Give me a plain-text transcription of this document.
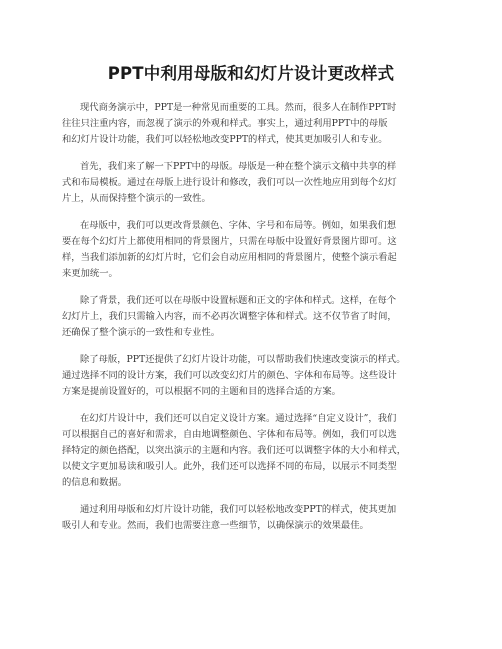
PPT中利用母版和幻灯片设计更改样式

现代商务演示中，PPT是一种常见而重要的工具。然而，很多人在制作PPT时
往往只注重内容，而忽视了演示的外观和样式。事实上，通过利用PPT中的母版
和幻灯片设计功能，我们可以轻松地改变PPT的样式，使其更加吸引人和专业。

首先，我们来了解一下PPT中的母版。母版是一种在整个演示文稿中共享的样
式和布局模板。通过在母版上进行设计和修改，我们可以一次性地应用到每个幻灯
片上，从而保持整个演示的一致性。

在母版中，我们可以更改背景颜色、字体、字号和布局等。例如，如果我们想
要在每个幻灯片上都使用相同的背景图片，只需在母版中设置好背景图片即可。这
样，当我们添加新的幻灯片时，它们会自动应用相同的背景图片，使整个演示看起
来更加统一。

除了背景，我们还可以在母版中设置标题和正文的字体和样式。这样，在每个
幻灯片上，我们只需输入内容，而不必再次调整字体和样式。这不仅节省了时间，
还确保了整个演示的一致性和专业性。

除了母版，PPT还提供了幻灯片设计功能，可以帮助我们快速改变演示的样式。
通过选择不同的设计方案，我们可以改变幻灯片的颜色、字体和布局等。这些设计
方案是提前设置好的，可以根据不同的主题和目的选择合适的方案。

在幻灯片设计中，我们还可以自定义设计方案。通过选择“自定义设计”，我们
可以根据自己的喜好和需求，自由地调整颜色、字体和布局等。例如，我们可以选
择特定的颜色搭配，以突出演示的主题和内容。我们还可以调整字体的大小和样式，
以使文字更加易读和吸引人。此外，我们还可以选择不同的布局，以展示不同类型
的信息和数据。

通过利用母版和幻灯片设计功能，我们可以轻松地改变PPT的样式，使其更加
吸引人和专业。然而，我们也需要注意一些细节，以确保演示的效果最佳。
